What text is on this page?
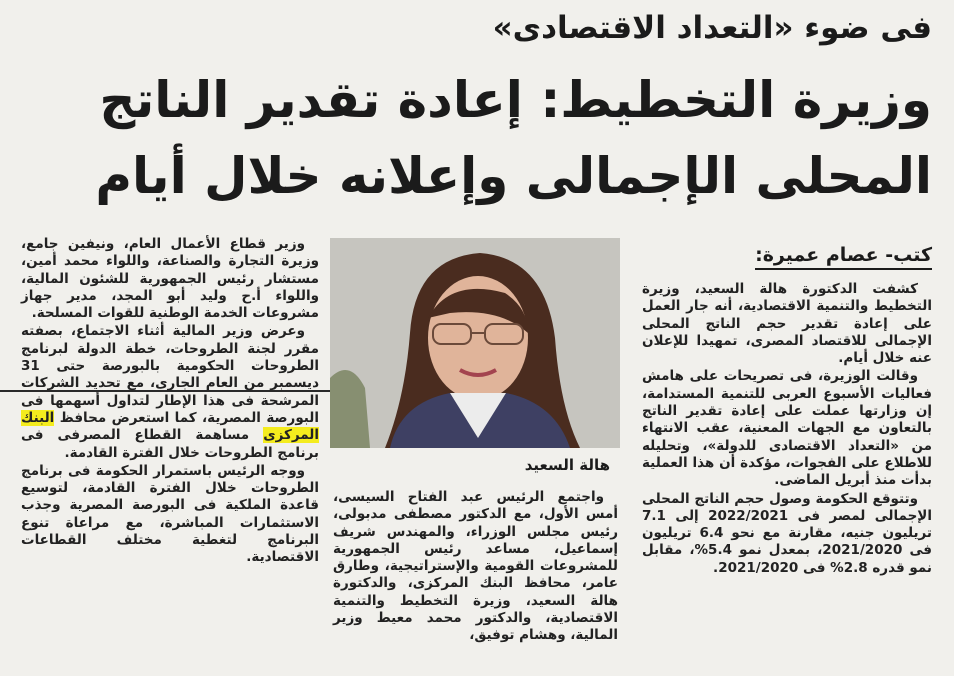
فى ضوء «التعداد الاقتصادى»
وزيرة التخطيط: إعادة تقدير الناتج
المحلى الإجمالى وإعلانه خلال أيام
كتب- عصام عميرة:

كشفت الدكتورة هالة السعيد، وزيرة التخطيط والتنمية الاقتصادية، أنه جار العمل على إعادة تقدير حجم الناتج المحلى الإجمالى للاقتصاد المصرى، تمهيدا للإعلان عنه خلال أيام.

وقالت الوزيرة، فى تصريحات على هامش فعاليات الأسبوع العربى للتنمية المستدامة، إن وزارتها عملت على إعادة تقدير الناتج بالتعاون مع الجهات المعنية، عقب الانتهاء من «التعداد الاقتصادى للدولة»، وتحليله للاطلاع على الفجوات، مؤكدة أن هذا العملية بدأت منذ أبريل الماضى.

وتتوقع الحكومة وصول حجم الناتج المحلى الإجمالى لمصر فى 2022/2021 إلى 7.1 تريليون جنيه، مقارنة مع نحو 6.4 تريليون فى 2021/2020، بمعدل نمو 5.4%، مقابل نمو قدره 2.8% فى 2021/2020.

هالة السعيد

واجتمع الرئيس عبد الفتاح السيسى، أمس الأول، مع الدكتور مصطفى مدبولى، رئيس مجلس الوزراء، والمهندس شريف إسماعيل، مساعد رئيس الجمهورية للمشروعات القومية والإستراتيجية، وطارق عامر، محافظ البنك المركزى، والدكتورة هالة السعيد، وزيرة التخطيط والتنمية الاقتصادية، والدكتور محمد معيط وزير المالية، وهشام توفيق،

وزير قطاع الأعمال العام، ونيفين جامع، وزيرة التجارة والصناعة، واللواء محمد أمين، مستشار رئيس الجمهورية للشئون المالية، واللواء أ.ح وليد أبو المجد، مدير جهاز مشروعات الخدمة الوطنية للقوات المسلحة.

وعرض وزير المالية أثناء الاجتماع، بصفته مقرر لجنة الطروحات، خطة الدولة لبرنامج الطروحات الحكومية بالبورصة حتى 31 ديسمبر من العام الجارى، مع تحديد الشركات المرشحة فى هذا الإطار لتداول أسهمها فى البورصة المصرية، كما استعرض محافظ البنك المركزى مساهمة القطاع المصرفى فى برنامج الطروحات خلال الفترة القادمة.

ووجه الرئيس باستمرار الحكومة فى برنامج الطروحات خلال الفترة القادمة، لتوسيع قاعدة الملكية فى البورصة المصرية وجذب الاستثمارات المباشرة، مع مراعاة تنوع البرنامج لتغطية مختلف القطاعات الاقتصادية.
